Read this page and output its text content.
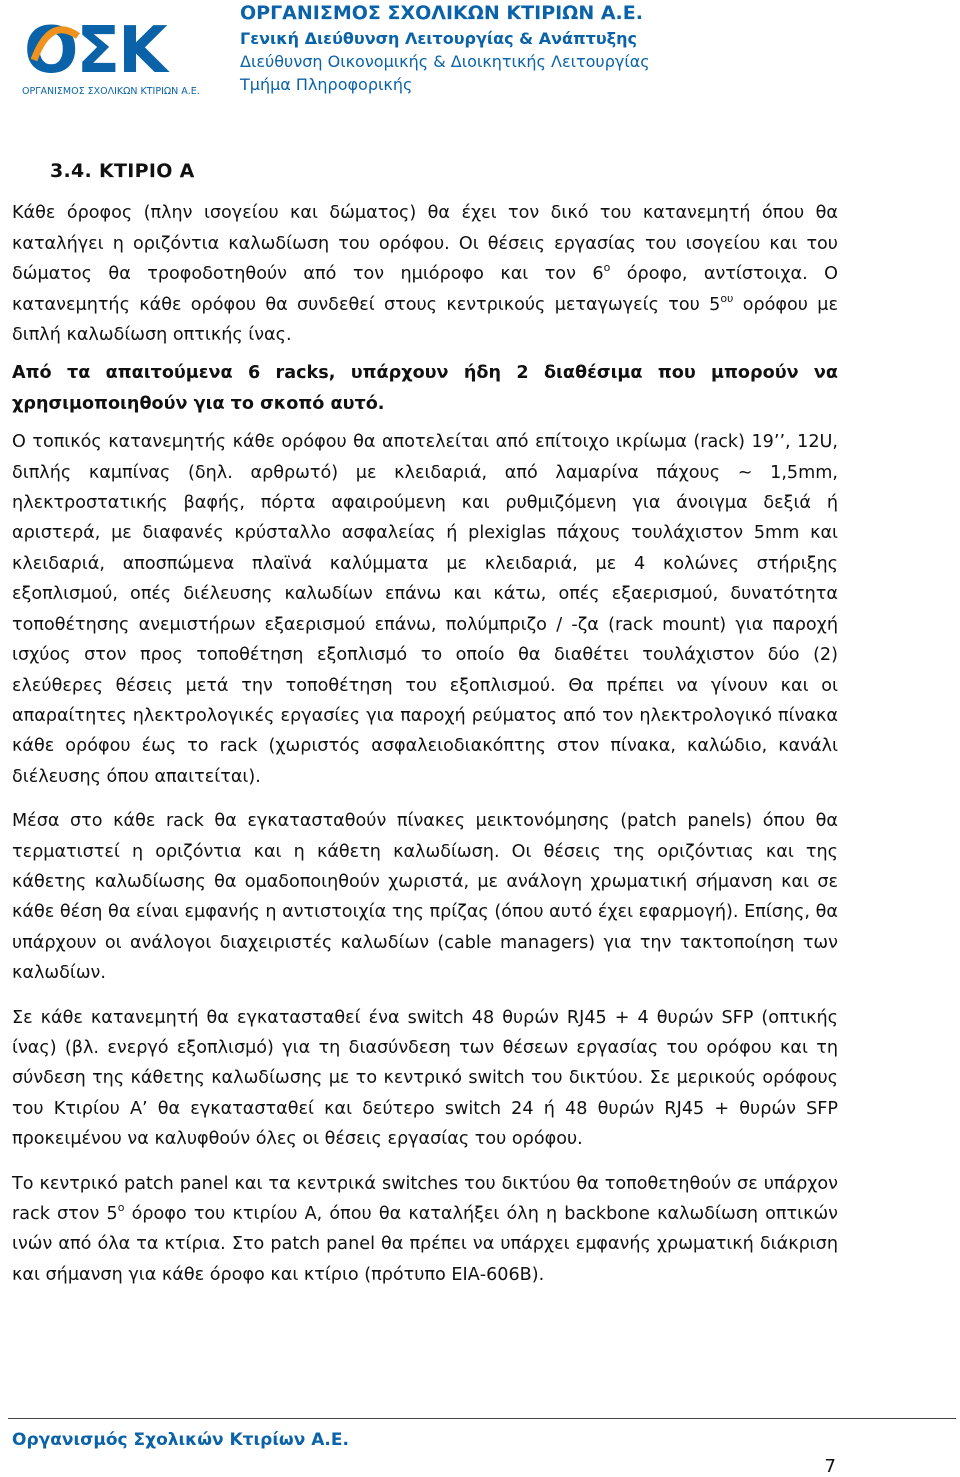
ΟΣΚ
ΟΡΓΑΝΙΣΜΟΣ ΣΧΟΛΙΚΩΝ ΚΤΙΡΙΩΝ Α.Ε.
ΟΡΓΑΝΙΣΜΟΣ ΣΧΟΛΙΚΩΝ ΚΤΙΡΙΩΝ Α.Ε.
Γενική Διεύθυνση Λειτουργίας & Ανάπτυξης
Διεύθυνση Οικονομικής & Διοικητικής Λειτουργίας
Τμήμα Πληροφορικής
3.4. ΚΤΙΡΙΟ Α

Κάθε όροφος (πλην ισογείου και δώματος) θα έχει τον δικό του κατανεμητή όπου θα καταλήγει η οριζόντια καλωδίωση του ορόφου. Οι θέσεις εργασίας του ισογείου και του δώματος θα τροφοδοτηθούν από τον ημιόροφο και τον $6^o$ όροφο, αντίστοιχα. Ο κατανεμητής κάθε ορόφου θα συνδεθεί στους κεντρικούς μεταγωγείς του $5^{o\upsilon}$ ορόφου με διπλή καλωδίωση οπτικής ίνας.

Από τα απαιτούμενα 6 racks, υπάρχουν ήδη 2 διαθέσιμα που μπορούν να χρησιμοποιηθούν για το σκοπό αυτό.

Ο τοπικός κατανεμητής κάθε ορόφου θα αποτελείται από επίτοιχο ικρίωμα (rack) 19’’, 12U, διπλής καμπίνας (δηλ. αρθρωτό) με κλειδαριά, από λαμαρίνα πάχους ~ 1,5mm, ηλεκτροστατικής βαφής, πόρτα αφαιρούμενη και ρυθμιζόμενη για άνοιγμα δεξιά ή αριστερά, με διαφανές κρύσταλλο ασφαλείας ή plexiglas πάχους τουλάχιστον 5mm και κλειδαριά, αποσπώμενα πλαϊνά καλύμματα με κλειδαριά, με 4 κολώνες στήριξης εξοπλισμού, οπές διέλευσης καλωδίων επάνω και κάτω, οπές εξαερισμού, δυνατότητα τοποθέτησης ανεμιστήρων εξαερισμού επάνω, πολύμπριζο / -ζα (rack mount) για παροχή ισχύος στον προς τοποθέτηση εξοπλισμό το οποίο θα διαθέτει τουλάχιστον δύο (2) ελεύθερες θέσεις μετά την τοποθέτηση του εξοπλισμού. Θα πρέπει να γίνουν και οι απαραίτητες ηλεκτρολογικές εργασίες για παροχή ρεύματος από τον ηλεκτρολογικό πίνακα κάθε ορόφου έως το rack (χωριστός ασφαλειοδιακόπτης στον πίνακα, καλώδιο, κανάλι διέλευσης όπου απαιτείται).

Μέσα στο κάθε rack θα εγκατασταθούν πίνακες μεικτονόμησης (patch panels) όπου θα τερματιστεί η οριζόντια και η κάθετη καλωδίωση. Οι θέσεις της οριζόντιας και της κάθετης καλωδίωσης θα ομαδοποιηθούν χωριστά, με ανάλογη χρωματική σήμανση και σε κάθε θέση θα είναι εμφανής η αντιστοιχία της πρίζας (όπου αυτό έχει εφαρμογή). Επίσης, θα υπάρχουν οι ανάλογοι διαχειριστές καλωδίων (cable managers) για την τακτοποίηση των καλωδίων.

Σε κάθε κατανεμητή θα εγκατασταθεί ένα switch 48 θυρών RJ45 + 4 θυρών SFP (οπτικής ίνας) (βλ. ενεργό εξοπλισμό) για τη διασύνδεση των θέσεων εργασίας του ορόφου και τη σύνδεση της κάθετης καλωδίωσης με το κεντρικό switch του δικτύου. Σε μερικούς ορόφους του Κτιρίου Α’ θα εγκατασταθεί και δεύτερο switch 24 ή 48 θυρών RJ45 + θυρών SFP προκειμένου να καλυφθούν όλες οι θέσεις εργασίας του ορόφου.

Το κεντρικό patch panel και τα κεντρικά switches του δικτύου θα τοποθετηθούν σε υπάρχον rack στον $5^o$ όροφο του κτιρίου Α, όπου θα καταλήξει όλη η backbone καλωδίωση οπτικών ινών από όλα τα κτίρια. Στο patch panel θα πρέπει να υπάρχει εμφανής χρωματική διάκριση και σήμανση για κάθε όροφο και κτίριο (πρότυπο ΕΙΑ-606Β).

Οργανισμός Σχολικών Κτιρίων Α.Ε.
7
